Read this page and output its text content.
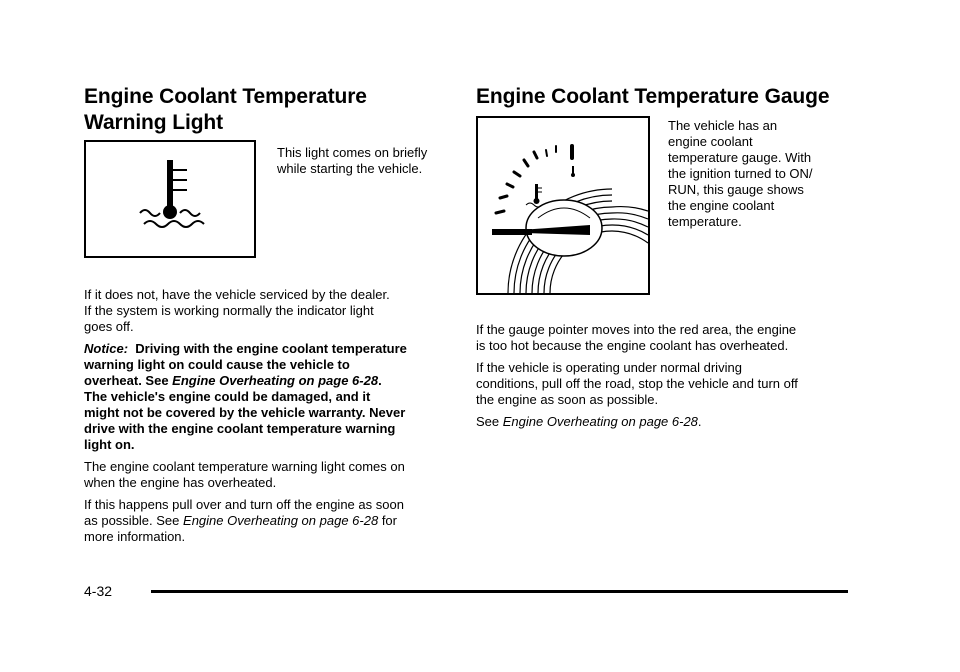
Engine Coolant Temperature
Warning Light
This light comes on briefly
while starting the vehicle.

If it does not, have the vehicle serviced by the dealer.
If the system is working normally the indicator light
goes off.

Notice: Driving with the engine coolant temperature
warning light on could cause the vehicle to
overheat. See Engine Overheating on page 6-28.
The vehicle's engine could be damaged, and it
might not be covered by the vehicle warranty. Never
drive with the engine coolant temperature warning
light on.

The engine coolant temperature warning light comes on
when the engine has overheated.

If this happens pull over and turn off the engine as soon
as possible. See Engine Overheating on page 6-28 for
more information.

Engine Coolant Temperature Gauge
The vehicle has an
engine coolant
temperature gauge. With
the ignition turned to ON/
RUN, this gauge shows
the engine coolant
temperature.

If the gauge pointer moves into the red area, the engine
is too hot because the engine coolant has overheated.

If the vehicle is operating under normal driving
conditions, pull off the road, stop the vehicle and turn off
the engine as soon as possible.

See Engine Overheating on page 6-28.

4-32
